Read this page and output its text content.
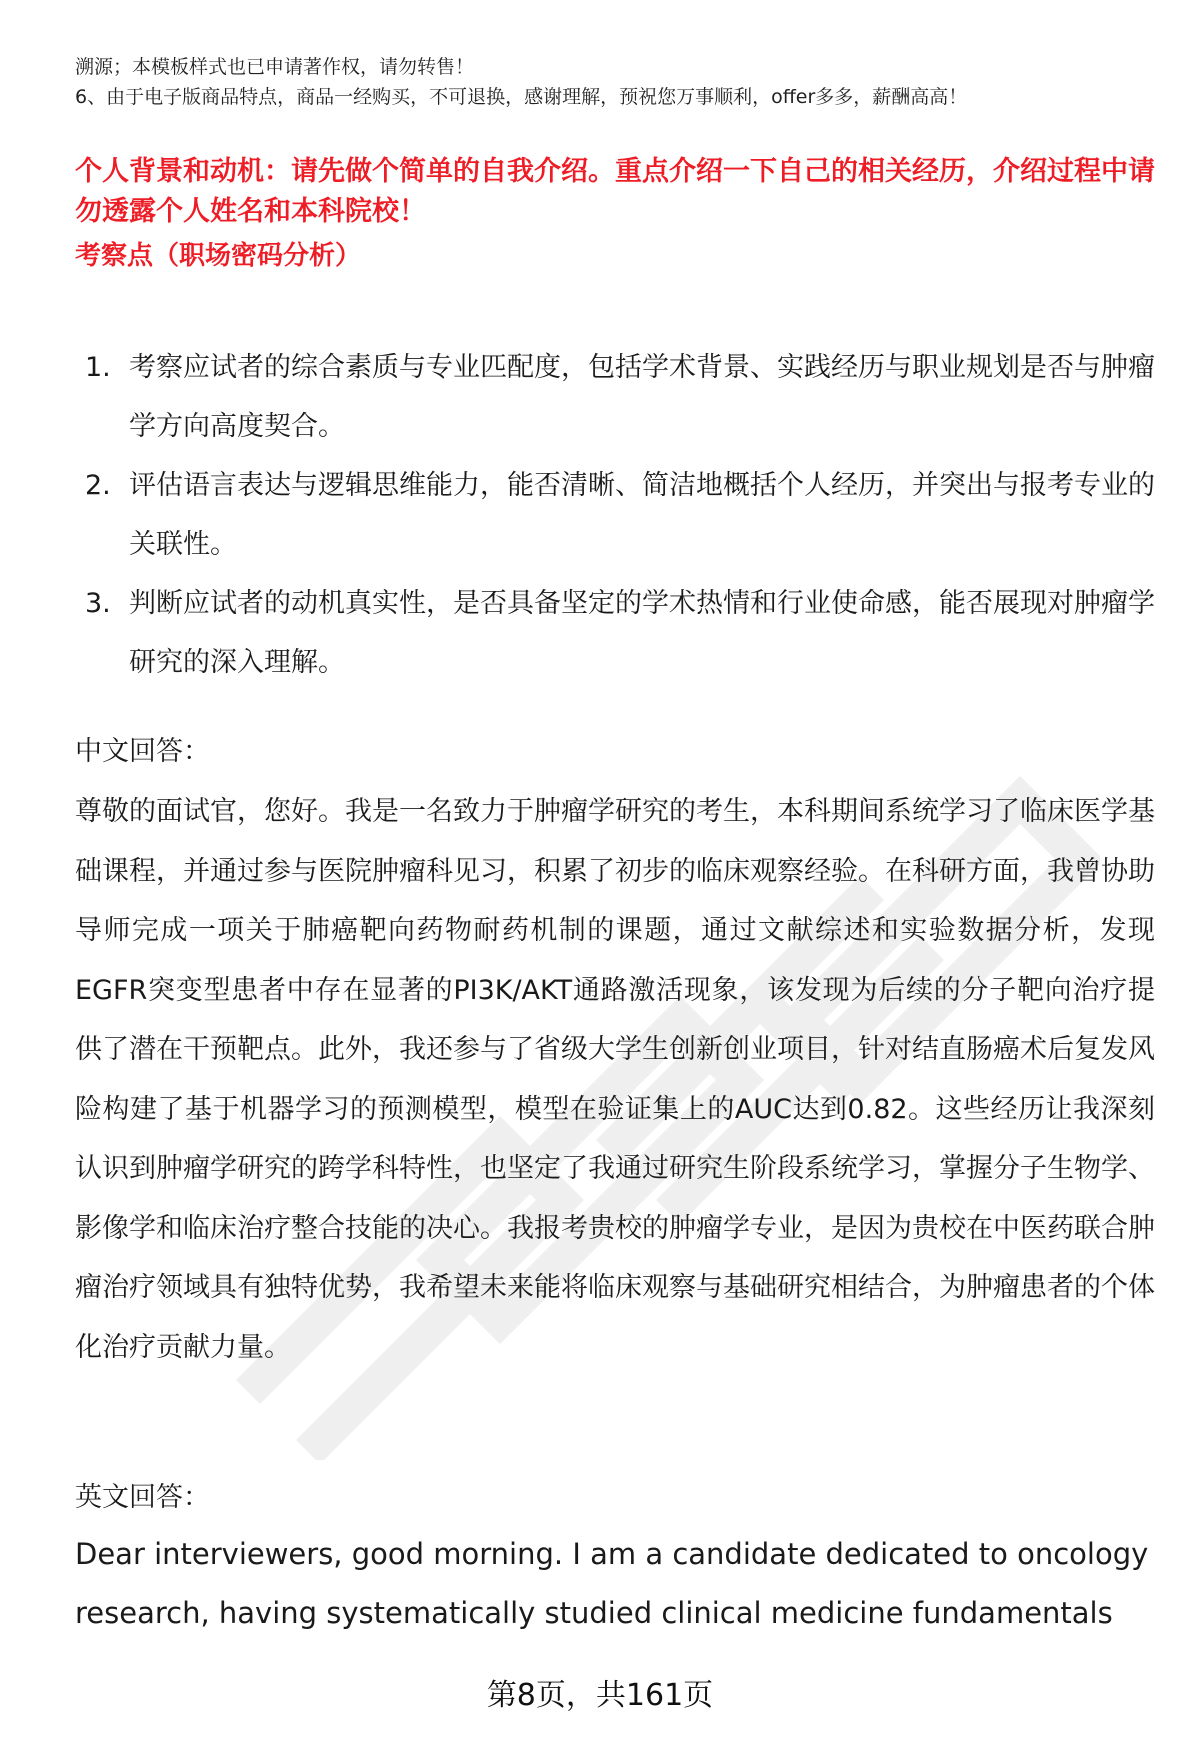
溯源；本模板样式也已申请著作权，请勿转售！
6、由于电子版商品特点，商品一经购买，不可退换，感谢理解，预祝您万事顺利，offer多多，薪酬高高！
个人背景和动机：请先做个简单的自我介绍。重点介绍一下自己的相关经历，介绍过程中请勿透露个人姓名和本科院校！
考察点（职场密码分析）
1. 考察应试者的综合素质与专业匹配度，包括学术背景、实践经历与职业规划是否与肿瘤学方向高度契合。
2. 评估语言表达与逻辑思维能力，能否清晰、简洁地概括个人经历，并突出与报考专业的关联性。
3. 判断应试者的动机真实性，是否具备坚定的学术热情和行业使命感，能否展现对肿瘤学研究的深入理解。
中文回答：
尊敬的面试官，您好。我是一名致力于肿瘤学研究的考生，本科期间系统学习了临床医学基础课程，并通过参与医院肿瘤科见习，积累了初步的临床观察经验。在科研方面，我曾协助导师完成一项关于肺癌靶向药物耐药机制的课题，通过文献综述和实验数据分析，发现EGFR突变型患者中存在显著的PI3K/AKT通路激活现象，该发现为后续的分子靶向治疗提供了潜在干预靶点。此外，我还参与了省级大学生创新创业项目，针对结直肠癌术后复发风险构建了基于机器学习的预测模型，模型在验证集上的AUC达到0.82。这些经历让我深刻认识到肿瘤学研究的跨学科特性，也坚定了我通过研究生阶段系统学习，掌握分子生物学、影像学和临床治疗整合技能的决心。我报考贵校的肿瘤学专业，是因为贵校在中医药联合肿瘤治疗领域具有独特优势，我希望未来能将临床观察与基础研究相结合，为肿瘤患者的个体化治疗贡献力量。
英文回答：
Dear interviewers, good morning. I am a candidate dedicated to oncology research, having systematically studied clinical medicine fundamentals
第8页，共161页
